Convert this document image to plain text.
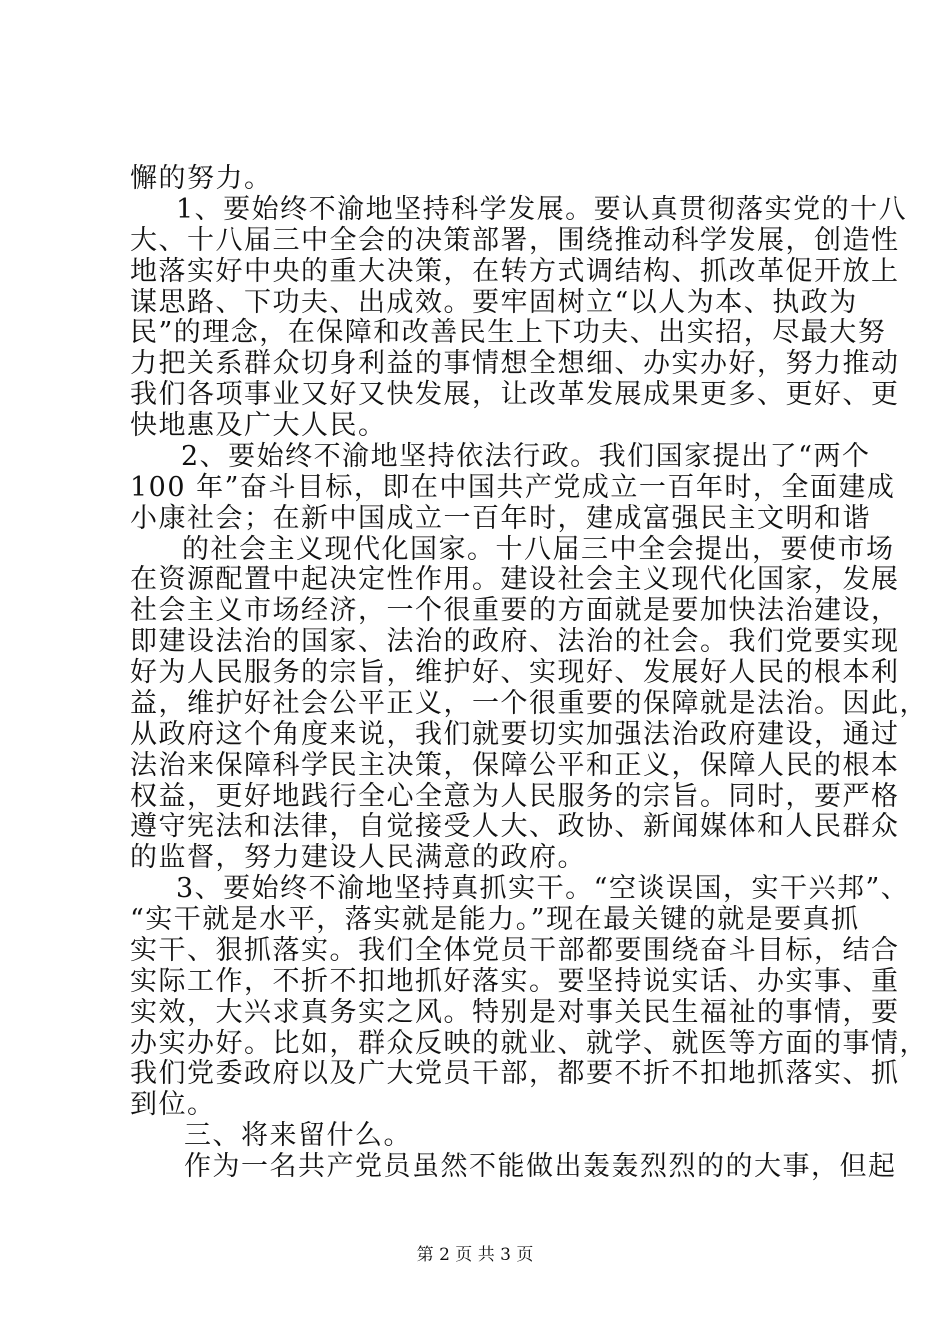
懈的努力。
1、要始终不渝地坚持科学发展。要认真贯彻落实党的十八
大、十八届三中全会的决策部署，围绕推动科学发展，创造性
地落实好中央的重大决策，在转方式调结构、抓改革促开放上
谋思路、下功夫、出成效。要牢固树立“以人为本、执政为
民”的理念，在保障和改善民生上下功夫、出实招，尽最大努
力把关系群众切身利益的事情想全想细、办实办好，努力推动
我们各项事业又好又快发展，让改革发展成果更多、更好、更
快地惠及广大人民。
2、要始终不渝地坚持依法行政。我们国家提出了“两个
100 年”奋斗目标，即在中国共产党成立一百年时，全面建成
小康社会；在新中国成立一百年时，建成富强民主文明和谐
的社会主义现代化国家。十八届三中全会提出，要使市场
在资源配置中起决定性作用。建设社会主义现代化国家，发展
社会主义市场经济，一个很重要的方面就是要加快法治建设，
即建设法治的国家、法治的政府、法治的社会。我们党要实现
好为人民服务的宗旨，维护好、实现好、发展好人民的根本利
益，维护好社会公平正义，一个很重要的保障就是法治。因此，
从政府这个角度来说，我们就要切实加强法治政府建设，通过
法治来保障科学民主决策，保障公平和正义，保障人民的根本
权益，更好地践行全心全意为人民服务的宗旨。同时，要严格
遵守宪法和法律，自觉接受人大、政协、新闻媒体和人民群众
的监督，努力建设人民满意的政府。
3、要始终不渝地坚持真抓实干。“空谈误国，实干兴邦”、
“实干就是水平，落实就是能力。”现在最关键的就是要真抓
实干、狠抓落实。我们全体党员干部都要围绕奋斗目标，结合
实际工作，不折不扣地抓好落实。要坚持说实话、办实事、重
实效，大兴求真务实之风。特别是对事关民生福祉的事情，要
办实办好。比如，群众反映的就业、就学、就医等方面的事情，
我们党委政府以及广大党员干部，都要不折不扣地抓落实、抓
到位。
三、将来留什么。
作为一名共产党员虽然不能做出轰轰烈烈的的大事，但起
第 2 页 共 3 页
